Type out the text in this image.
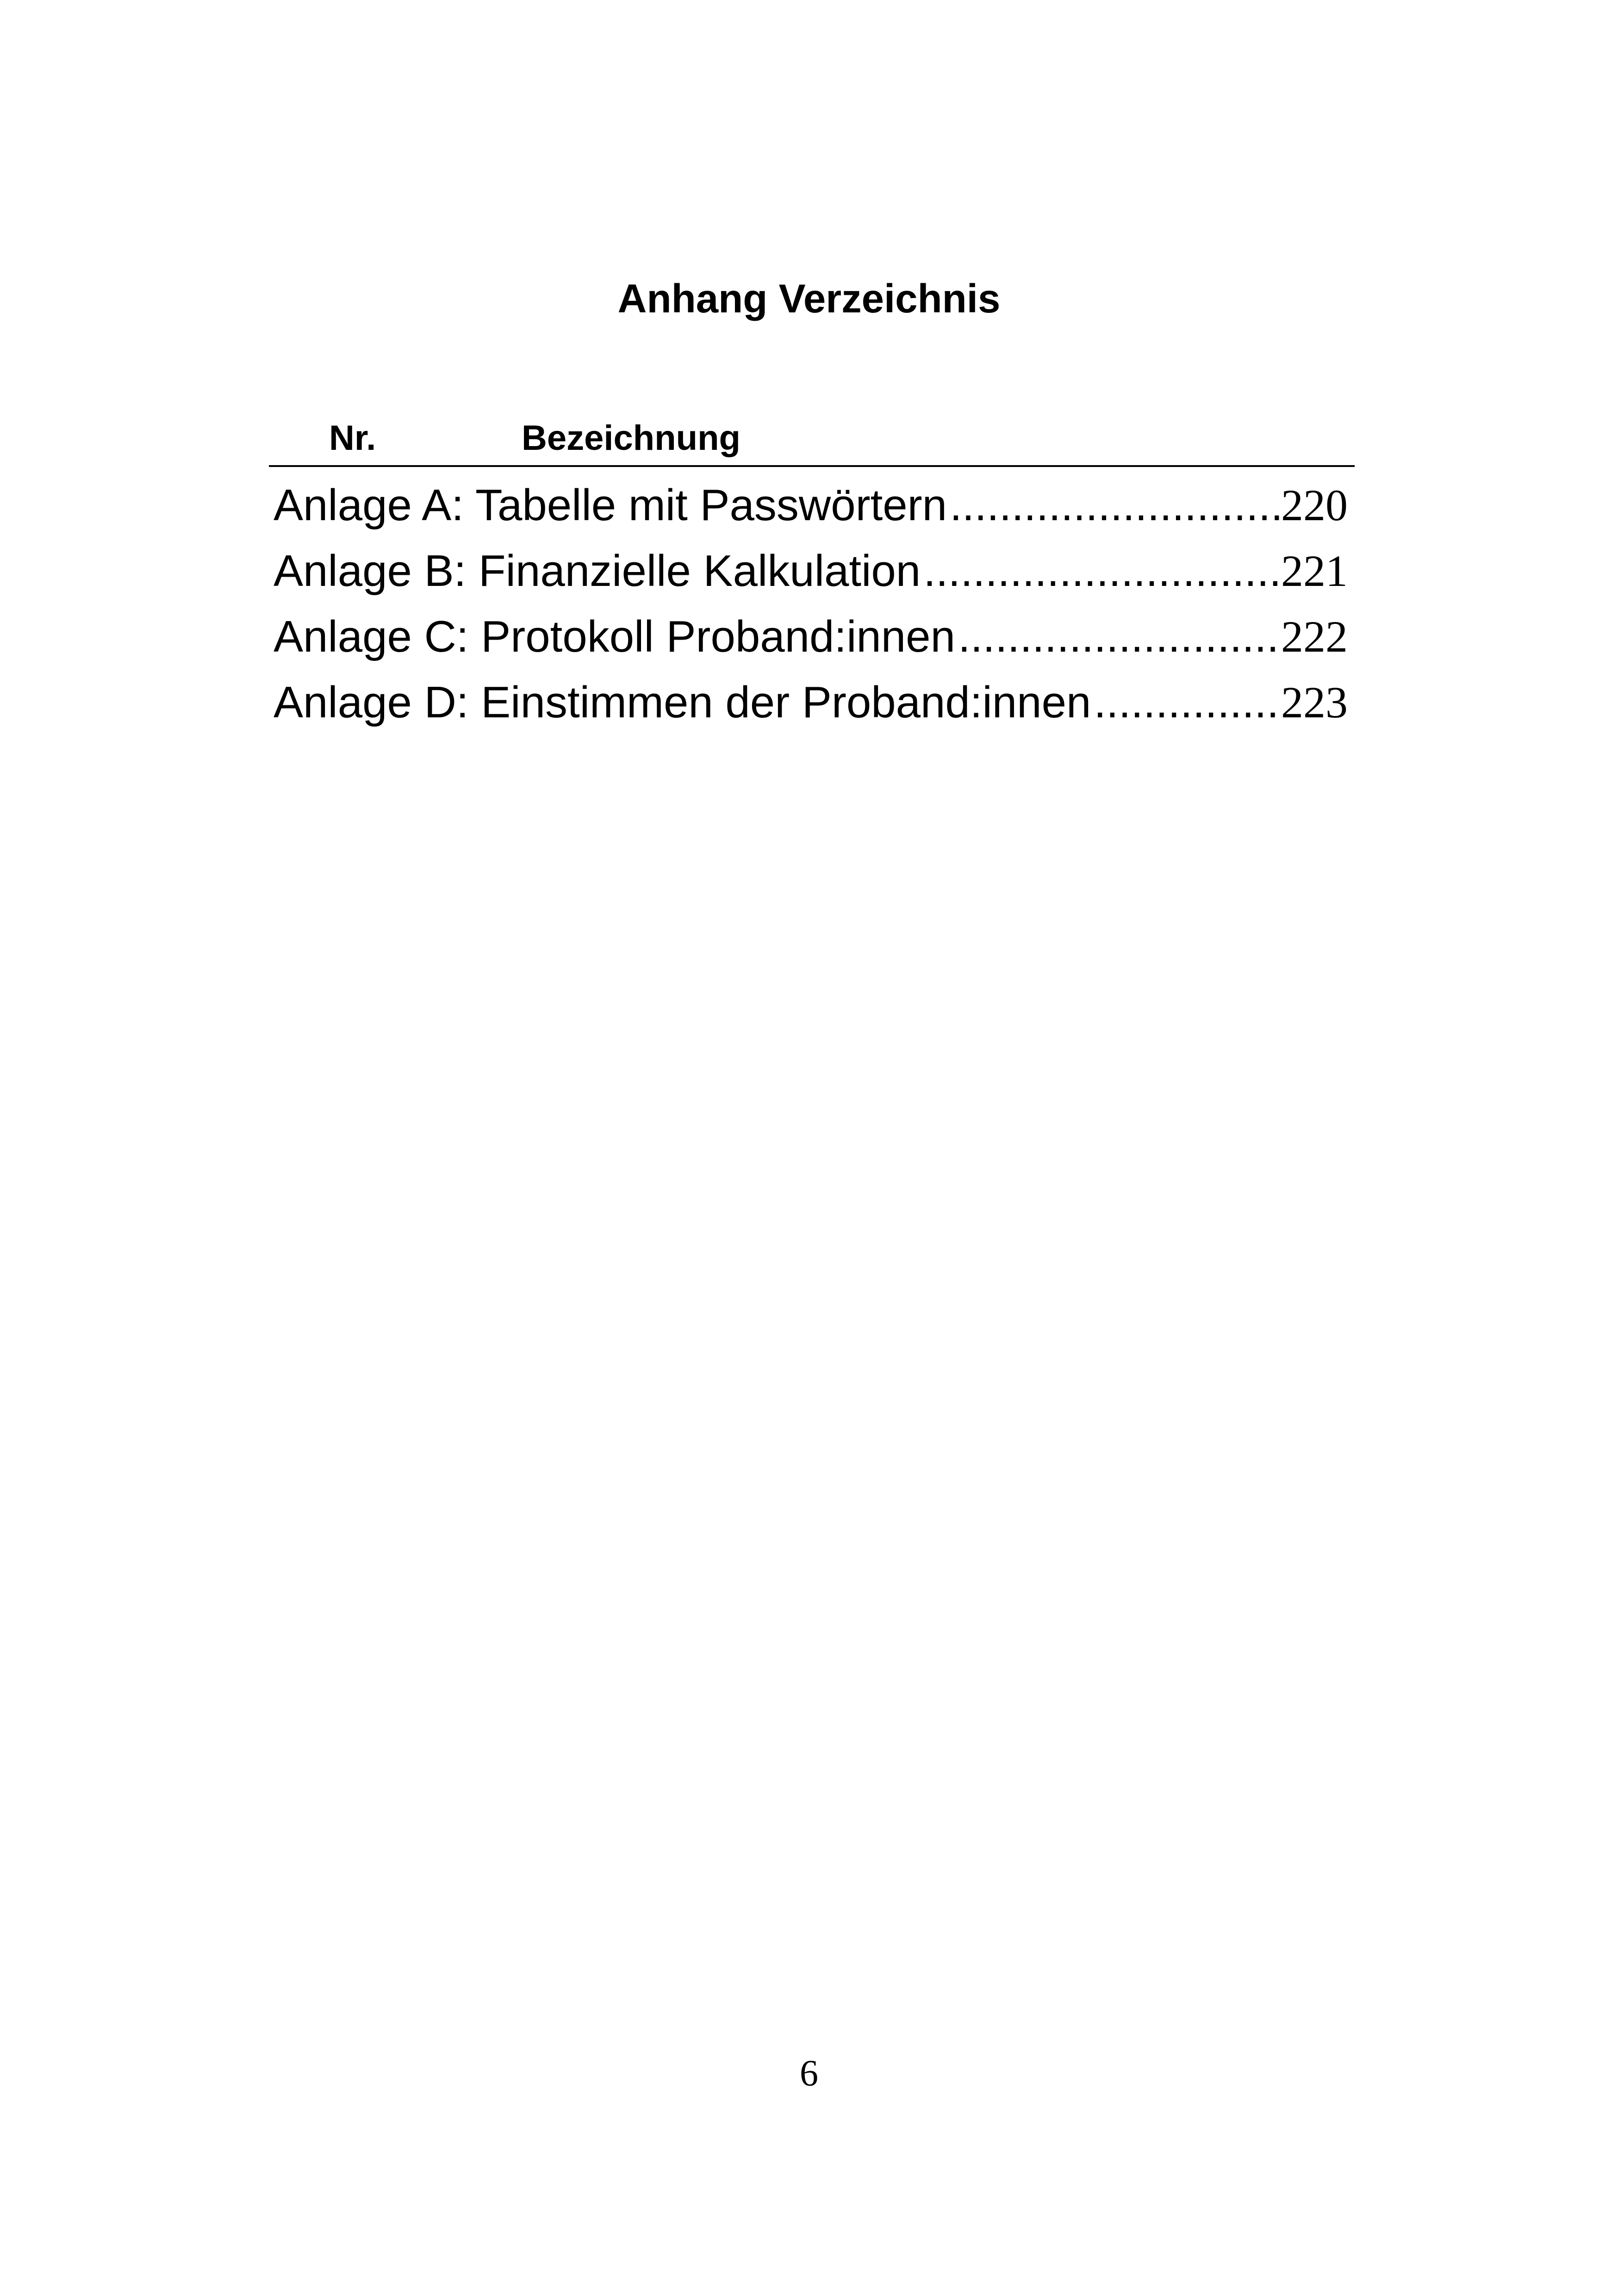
Anhang Verzeichnis
Nr.	Bezeichnung
Anlage A: Tabelle mit Passwörtern .....	220
Anlage B: Finanzielle Kalkulation .....	221
Anlage C: Protokoll Proband:innen .....	222
Anlage D: Einstimmen der Proband:innen .....	223
6
